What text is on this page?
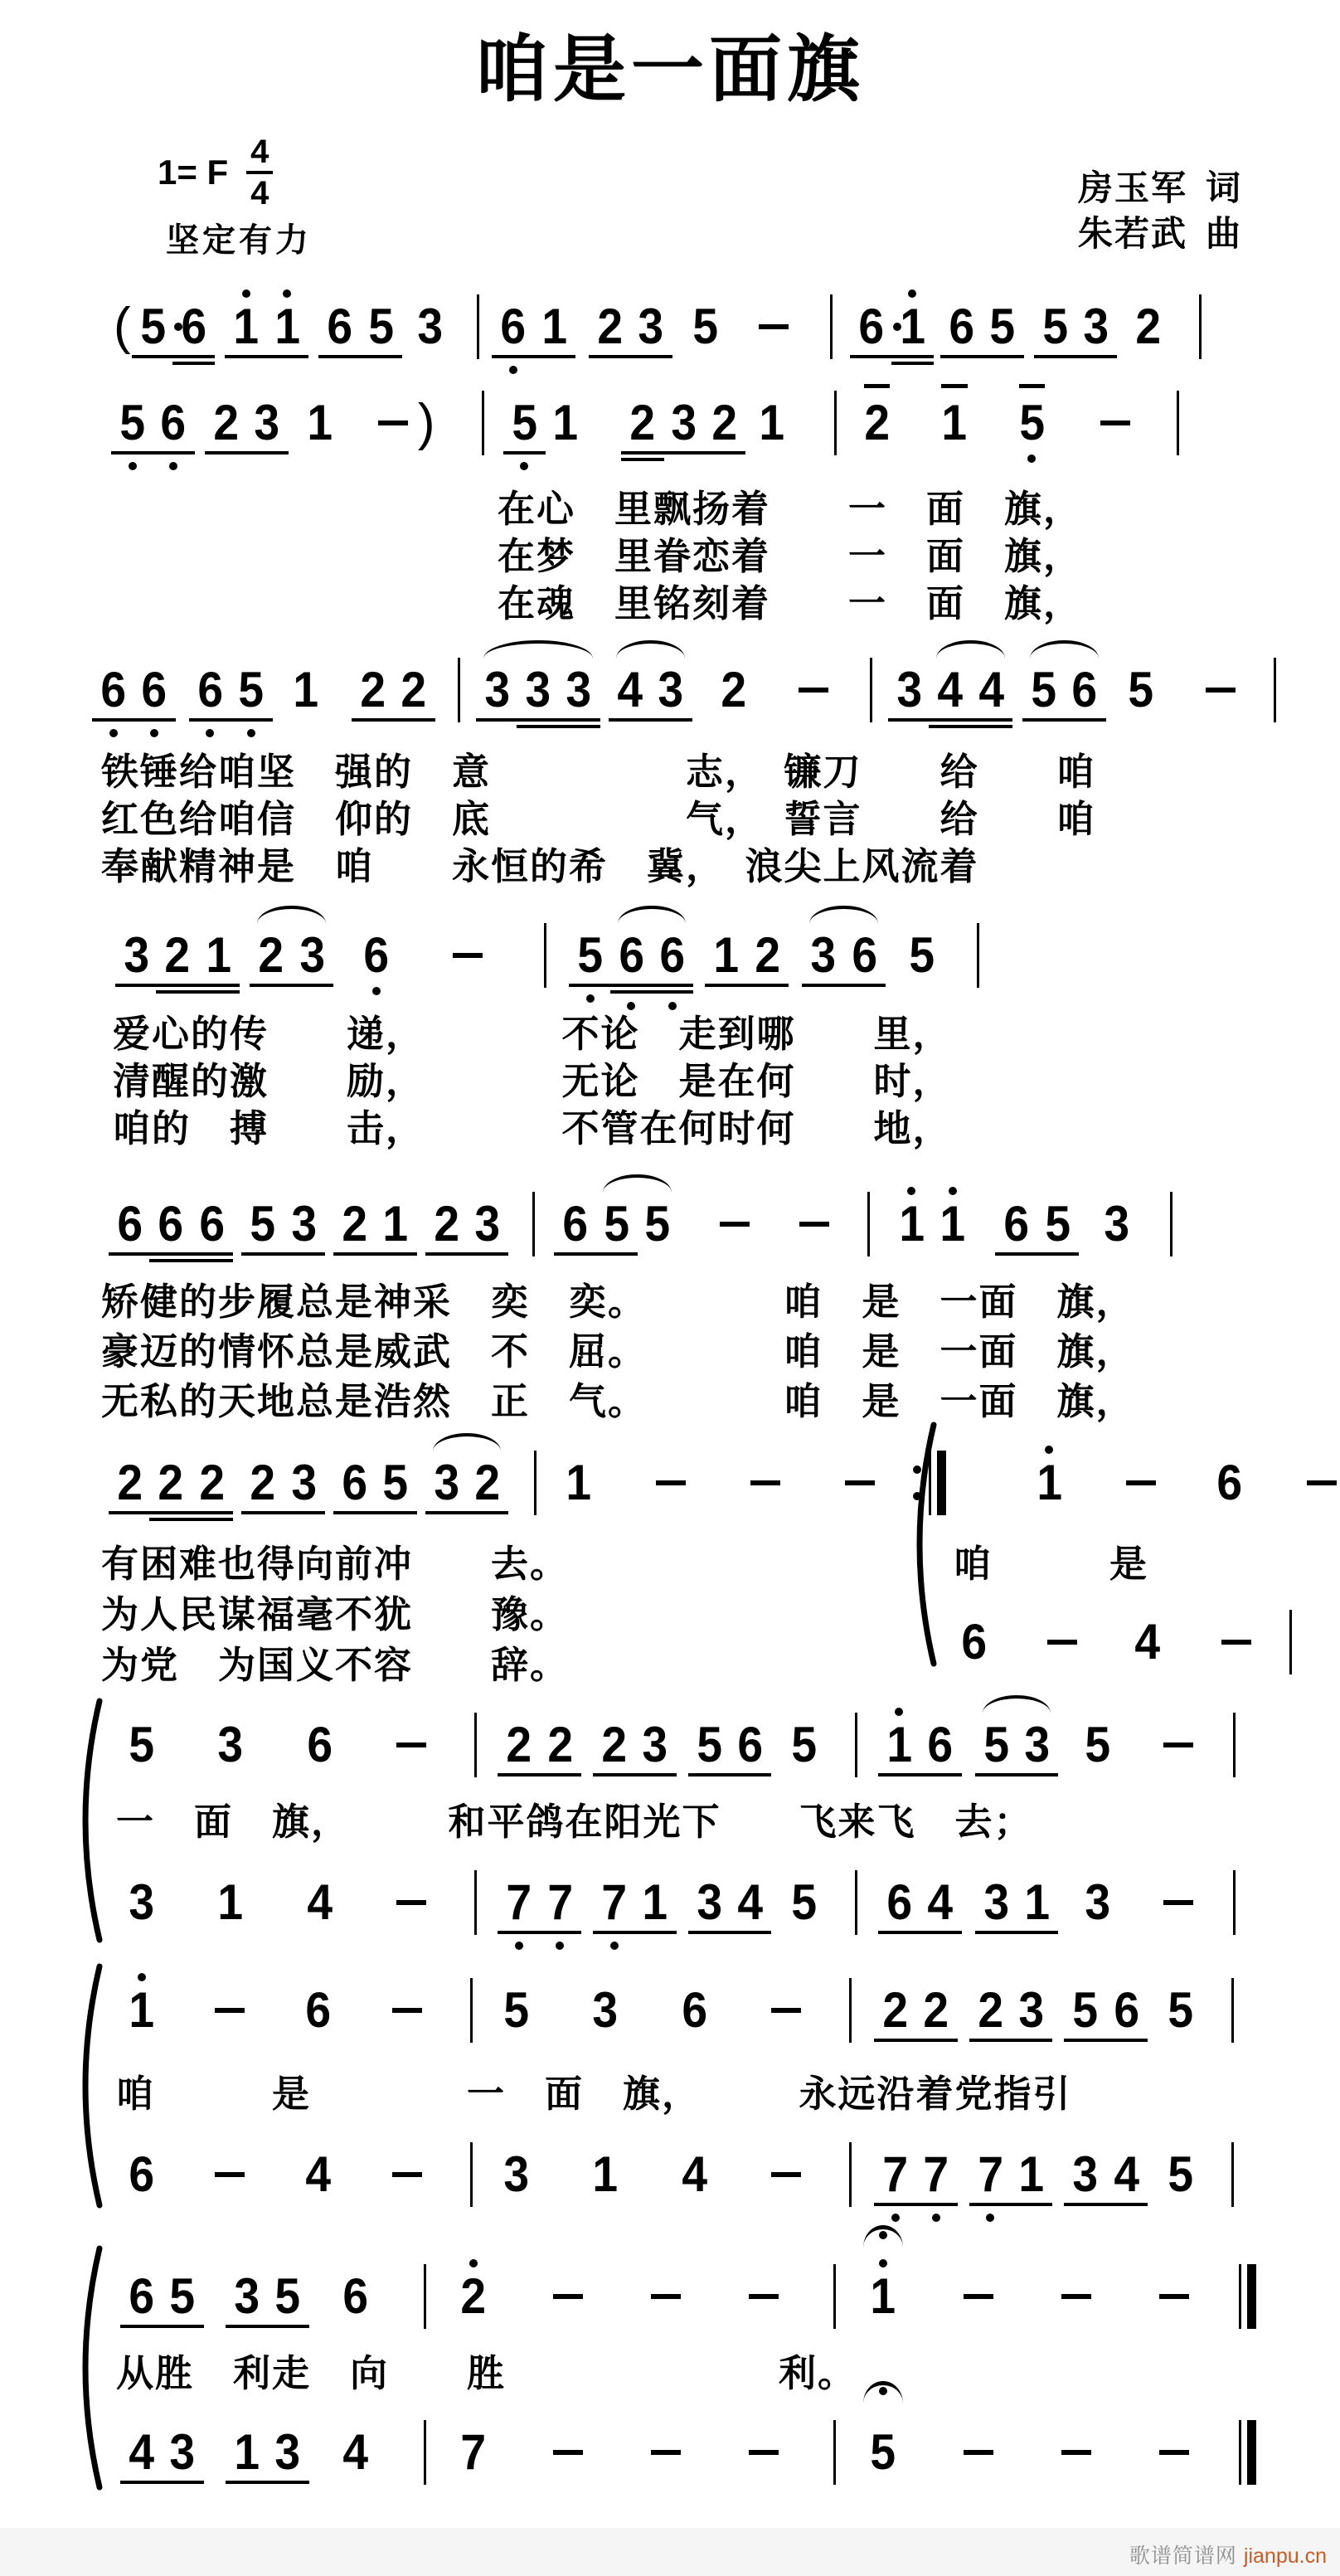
咱是一面旗
1= F $\frac{4}{4}$
坚定有力
房玉军 词
朱若武 曲
( 5 6 1 1 6 5 3 6 1 2 3 5	6 1 6 5 5 3 2
5 6 2 3 1 ) 5 1 2 3 2 1 2 1 5
6 6 6 5 1 2 2 3 3 3 4 3 2	3 4 4 5 6 5
3 2 1 2 3 6	5 6 6 1 2 3 6 5
6 6 6 5 3 2 1 2 3 6 5 5	1 1 6 5 3
2 2 2 2 3 6 5 3 2 1	1	6
6	4
5 3 6	2 2 2 3 5 6 5 1 6 5 3 5
3 1 4	7 7 7 1 3 4 5 6 4 3 1 3
1	6	5 3 6	2 2 2 3 5 6 5
6	4	3 1 4	7 7 7 1 3 4 5
6 5 3 5 6 2	1
4 3 1 3 4 7	5
在心　里飘扬着　　一　面　旗，
在梦　里眷恋着　　一　面　旗，
在魂　里铭刻着　　一　面　旗，
铁锤给咱坚　强的　意　　　　　志，　镰刀　　给　　咱
红色给咱信　仰的　底　　　　　气，　誓言　　给　　咱
奉献精神是　咱　　永恒的希　冀，　浪尖上风流着
爱心的传　　递，　　　　不论　走到哪　　里，
清醒的激　　励，　　　　无论　是在何　　时，
咱的　搏　　击，　　　　不管在何时何　　地，
矫健的步履总是神采　奕　奕。　　　　咱　是　一面　旗，
豪迈的情怀总是威武　不　屈。　　　　咱　是　一面　旗，
无私的天地总是浩然　正　气。　　　　咱　是　一面　旗，
有困难也得向前冲　　去。
为人民谋福毫不犹　　豫。
为党　为国义不容　　辞。
咱　　　是
一　面　旗，　　　和平鸽在阳光下　　飞来飞　去；
咱　　　是　　　　一　面　旗，　　　永远沿着党指引
从胜　利走　向　　胜　　　　　　　利。
歌谱简谱网 jianpu.cn
